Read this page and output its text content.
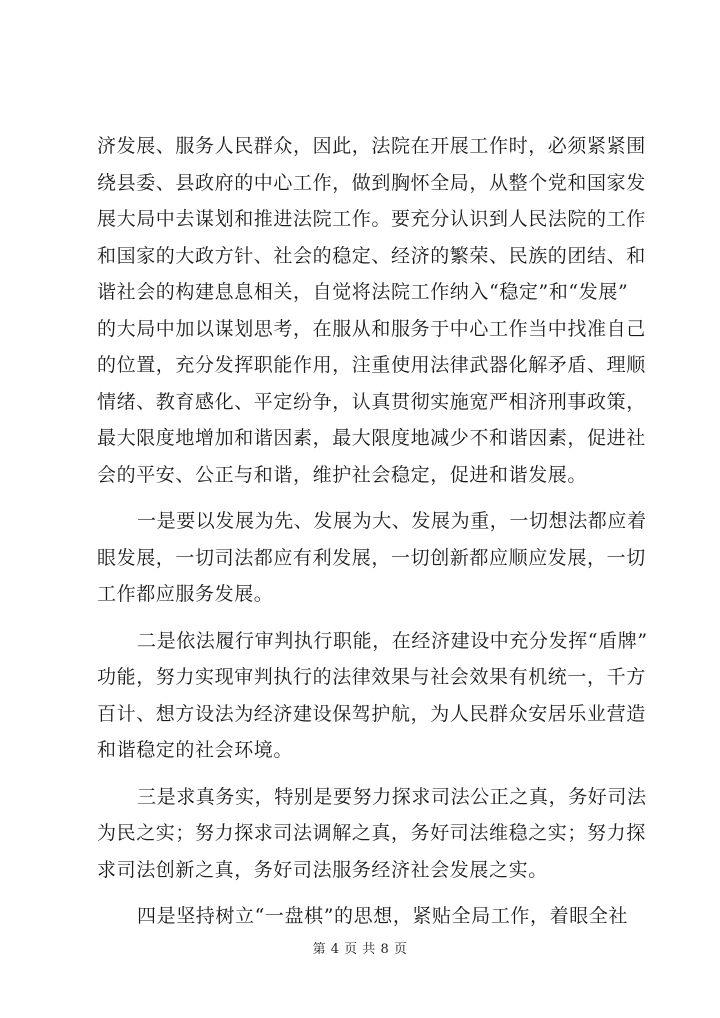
济发展、服务人民群众，因此，法院在开展工作时，必须紧紧围
绕县委、县政府的中心工作，做到胸怀全局，从整个党和国家发
展大局中去谋划和推进法院工作。要充分认识到人民法院的工作
和国家的大政方针、社会的稳定、经济的繁荣、民族的团结、和
谐社会的构建息息相关，自觉将法院工作纳入“稳定”和“发展”
的大局中加以谋划思考，在服从和服务于中心工作当中找准自己
的位置，充分发挥职能作用，注重使用法律武器化解矛盾、理顺
情绪、教育感化、平定纷争，认真贯彻实施宽严相济刑事政策，
最大限度地增加和谐因素，最大限度地减少不和谐因素，促进社
会的平安、公正与和谐，维护社会稳定，促进和谐发展。
一是要以发展为先、发展为大、发展为重，一切想法都应着
眼发展，一切司法都应有利发展，一切创新都应顺应发展，一切
工作都应服务发展。
二是依法履行审判执行职能，在经济建设中充分发挥“盾牌”
功能，努力实现审判执行的法律效果与社会效果有机统一，千方
百计、想方设法为经济建设保驾护航，为人民群众安居乐业营造
和谐稳定的社会环境。
三是求真务实，特别是要努力探求司法公正之真，务好司法
为民之实；努力探求司法调解之真，务好司法维稳之实；努力探
求司法创新之真，务好司法服务经济社会发展之实。
四是坚持树立“一盘棋”的思想，紧贴全局工作，着眼全社
第 4 页 共 8 页
